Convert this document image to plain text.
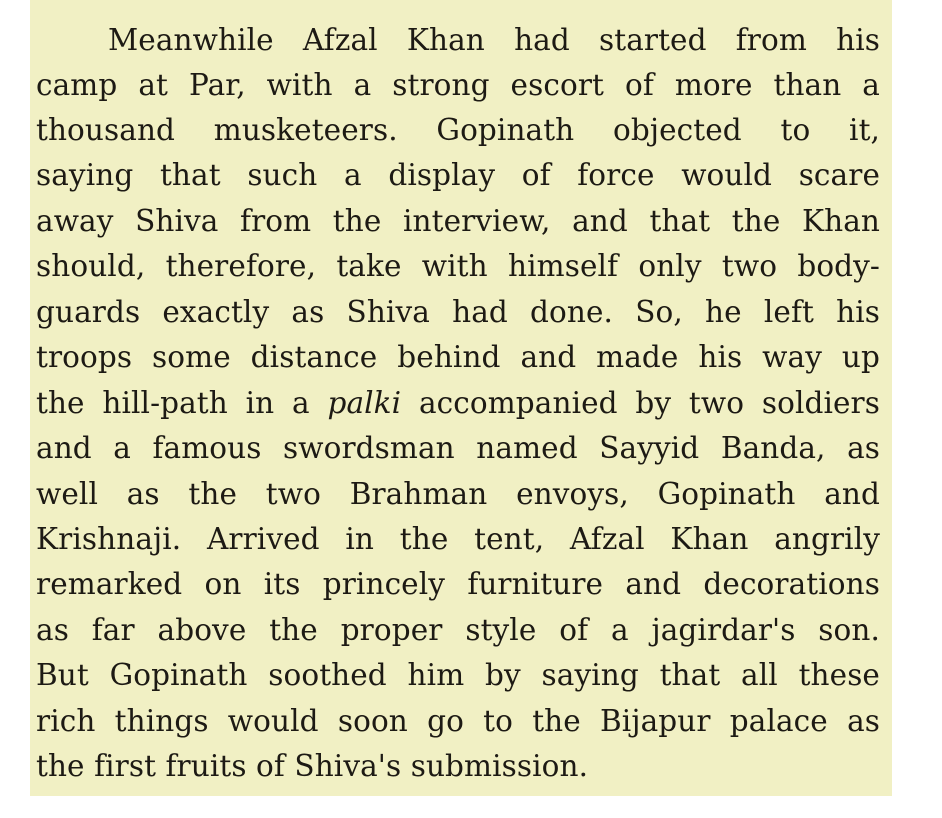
Meanwhile Afzal Khan had started from his

camp at Par, with a strong escort of more than a

thousand musketeers. Gopinath objected to it,

saying that such a display of force would scare

away Shiva from the interview, and that the Khan

should, therefore, take with himself only two body-

guards exactly as Shiva had done. So, he left his

troops some distance behind and made his way up

the hill-path in a palki accompanied by two soldiers

and a famous swordsman named Sayyid Banda, as

well as the two Brahman envoys, Gopinath and

Krishnaji. Arrived in the tent, Afzal Khan angrily

remarked on its princely furniture and decorations

as far above the proper style of a jagirdar's son.

But Gopinath soothed him by saying that all these

rich things would soon go to the Bijapur palace as

the first fruits of Shiva's submission.
